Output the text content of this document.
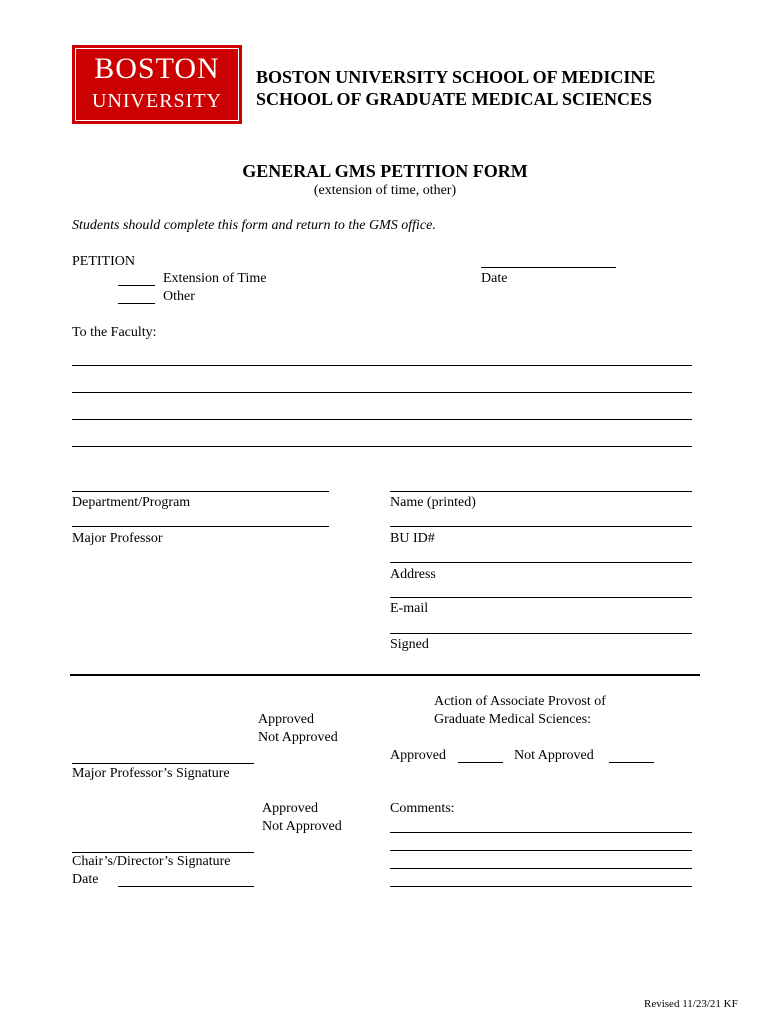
BOSTON
UNIVERSITY
BOSTON UNIVERSITY SCHOOL OF MEDICINE
SCHOOL OF GRADUATE MEDICAL SCIENCES
GENERAL GMS PETITION FORM
(extension of time, other)
Students should complete this form and return to the GMS office.
PETITION
Extension of Time
Other
Date
To the Faculty:
Department/Program
Major Professor
Name (printed)
BU ID#
Address
E-mail
Signed
Approved
Not Approved
Major Professor’s Signature
Approved
Not Approved
Chair’s/Director’s Signature
Date
Action of Associate Provost of
Graduate Medical Sciences:
Approved	Not Approved
Comments:
Revised 11/23/21 KF
